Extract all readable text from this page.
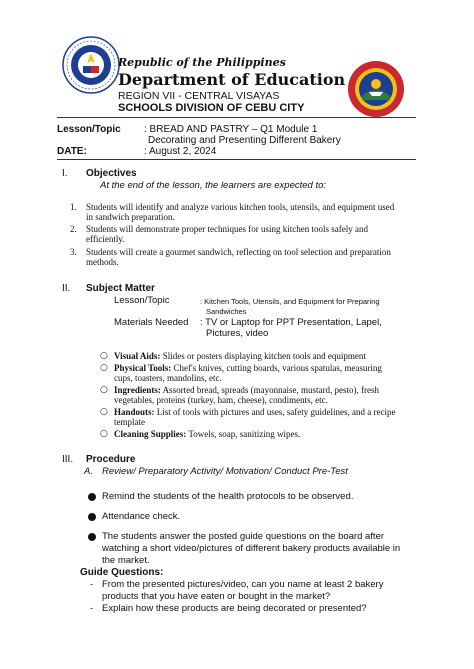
Republic of the Philippines
Department of Education
REGION VII - CENTRAL VISAYAS
SCHOOLS DIVISION OF CEBU CITY
Lesson/Topic : BREAD AND PASTRY – Q1 Module 1
Decorating and Presenting Different Bakery
DATE:	: August 2, 2024
I. Objectives
At the end of the lesson, the learners are expected to:
1. Students will identify and analyze various kitchen tools, utensils, and equipment used
in sandwich preparation.
2. Students will demonstrate proper techniques for using kitchen tools safely and
efficiently.
3. Students will create a gourmet sandwich, reflecting on tool selection and preparation
methods.
II. Subject Matter
Lesson/Topic	: Kitchen Tools, Utensils, and Equipment for Preparing
Sandwiches
Materials Needed : TV or Laptop for PPT Presentation, Lapel,
Pictures, video
○ Visual Aids: Slides or posters displaying kitchen tools and equipment
○ Physical Tools: Chef's knives, cutting boards, various spatulas, measuring
cups, toasters, mandolins, etc.
○ Ingredients: Assorted bread, spreads (mayonnaise, mustard, pesto), fresh
vegetables, proteins (turkey, ham, cheese), condiments, etc.
○ Handouts: List of tools with pictures and uses, safety guidelines, and a recipe
template
○ Cleaning Supplies: Towels, soap, sanitizing wipes.
III. Procedure
A. Review/ Preparatory Activity/ Motivation/ Conduct Pre-Test
Remind the students of the health protocols to be observed.
Attendance check.
The students answer the posted guide questions on the board after
watching a short video/pictures of different bakery products available in
the market.
Guide Questions:
- From the presented pictures/video, can you name at least 2 bakery
products that you have eaten or bought in the market?
- Explain how these products are being decorated or presented?
